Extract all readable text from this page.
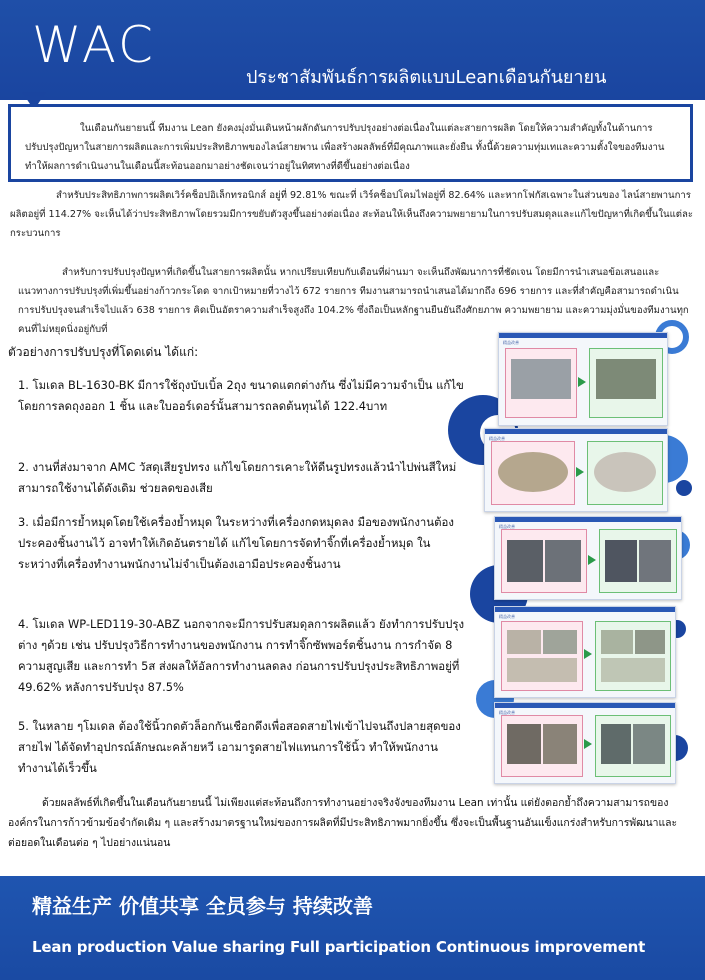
WAC
ประชาสัมพันธ์การผลิตแบบLeanเดือนกันยายน

ในเดือนกันยายนนี้ ทีมงาน Lean ยังคงมุ่งมั่นเดินหน้าผลักดันการปรับปรุงอย่างต่อเนื่องในแต่ละสายการผลิต โดยให้ความสำคัญทั้งในด้านการปรับปรุงปัญหาในสายการผลิตและการเพิ่มประสิทธิภาพของไลน์สายพาน เพื่อสร้างผลลัพธ์ที่มีคุณภาพและยั่งยืน ทั้งนี้ด้วยความทุ่มเทและความตั้งใจของทีมงาน ทำให้ผลการดำเนินงานในเดือนนี้สะท้อนออกมาอย่างชัดเจนว่าอยู่ในทิศทางที่ดีขึ้นอย่างต่อเนื่อง

สำหรับประสิทธิภาพการผลิตเวิร์คช็อปอิเล็กทรอนิกส์ อยู่ที่ 92.81% ขณะที่ เวิร์คช็อปโคมไฟอยู่ที่ 82.64% และหากโฟกัสเฉพาะในส่วนของ ไลน์สายพานการผลิตอยู่ที่ 114.27% จะเห็นได้ว่าประสิทธิภาพโดยรวมมีการขยับตัวสูงขึ้นอย่างต่อเนื่อง สะท้อนให้เห็นถึงความพยายามในการปรับสมดุลและแก้ไขปัญหาที่เกิดขึ้นในแต่ละกระบวนการ

สำหรับการปรับปรุงปัญหาที่เกิดขึ้นในสายการผลิตนั้น หากเปรียบเทียบกับเดือนที่ผ่านมา จะเห็นถึงพัฒนาการที่ชัดเจน โดยมีการนำเสนอข้อเสนอและแนวทางการปรับปรุงที่เพิ่มขึ้นอย่างก้าวกระโดด จากเป้าหมายที่วางไว้ 672 รายการ ทีมงานสามารถนำเสนอได้มากถึง 696 รายการ และที่สำคัญคือสามารถดำเนินการปรับปรุงจนสำเร็จไปแล้ว 638 รายการ คิดเป็นอัตราความสำเร็จสูงถึง 104.2% ซึ่งถือเป็นหลักฐานยืนยันถึงศักยภาพ ความพยายาม และความมุ่งมั่นของทีมงานทุกคนที่ไม่หยุดนิ่งอยู่กับที่

ตัวอย่างการปรับปรุงที่โดดเด่น ได้แก่:

1. โมเดล BL-1630-BK มีการใช้ถุงบับเบิ้ล 2ถุง ขนาดแตกต่างกัน ซึ่งไม่มีความจำเป็น แก้ไขโดยการลดถุงออก 1 ชิ้น และใบออร์เดอร์นั้นสามารถลดต้นทุนได้ 122.4บาท

2. งานที่ส่งมาจาก AMC วัสดุเสียรูปทรง แก้ไขโดยการเคาะให้ดีนรูปทรงแล้วนำไปพ่นสีใหม่ สามารถใช้งานได้ดังเดิม ช่วยลดของเสีย

3. เมื่อมีการย้ำหมุดโดยใช้เครื่องย้ำหมุด ในระหว่างที่เครื่องกดหมุดลง มือของพนักงานต้องประคองชิ้นงานไว้ อาจทำให้เกิดอันตรายได้ แก้ไขโดยการจัดทำจิ๊กที่เครื่องย้ำหมุด ในระหว่างที่เครื่องทำงานพนักงานไม่จำเป็นต้องเอามือประคองชิ้นงาน

4. โมเดล WP-LED119-30-ABZ นอกจากจะมีการปรับสมดุลการผลิตแล้ว ยังทำการปรับปรุงต่าง ๆด้วย เช่น ปรับปรุงวิธีการทำงานของพนักงาน การทำจิ๊กซัพพอร์ตชิ้นงาน การกำจัด 8 ความสูญเสีย และการทำ 5ส ส่งผลให้อัลการทำงานลดลง ก่อนการปรับปรุงประสิทธิภาพอยู่ที่ 49.62% หลังการปรับปรุง 87.5%

5. ในหลาย ๆโมเดล ต้องใช้นิ้วกดตัวล็อกกันเชือกดึงเพื่อสอดสายไฟเข้าไปจนถึงปลายสุดของสายไฟ ได้จัดทำอุปกรณ์ลักษณะคล้ายหวี เอามารูดสายไฟแทนการใช้นิ้ว ทำให้พนักงานทำงานได้เร็วขึ้น

精益改善
精益改善
精益改善
精益改善
精益改善

ด้วยผลลัพธ์ที่เกิดขึ้นในเดือนกันยายนนี้ ไม่เพียงแต่สะท้อนถึงการทำงานอย่างจริงจังของทีมงาน Lean เท่านั้น แต่ยังตอกย้ำถึงความสามารถขององค์กรในการก้าวข้ามข้อจำกัดเดิม ๆ และสร้างมาตรฐานใหม่ของการผลิตที่มีประสิทธิภาพมากยิ่งขึ้น ซึ่งจะเป็นพื้นฐานอันแข็งแกร่งสำหรับการพัฒนาและต่อยอดในเดือนต่อ ๆ ไปอย่างแน่นอน

精益生产 价值共享 全员参与 持续改善
Lean production Value sharing Full participation Continuous improvement
